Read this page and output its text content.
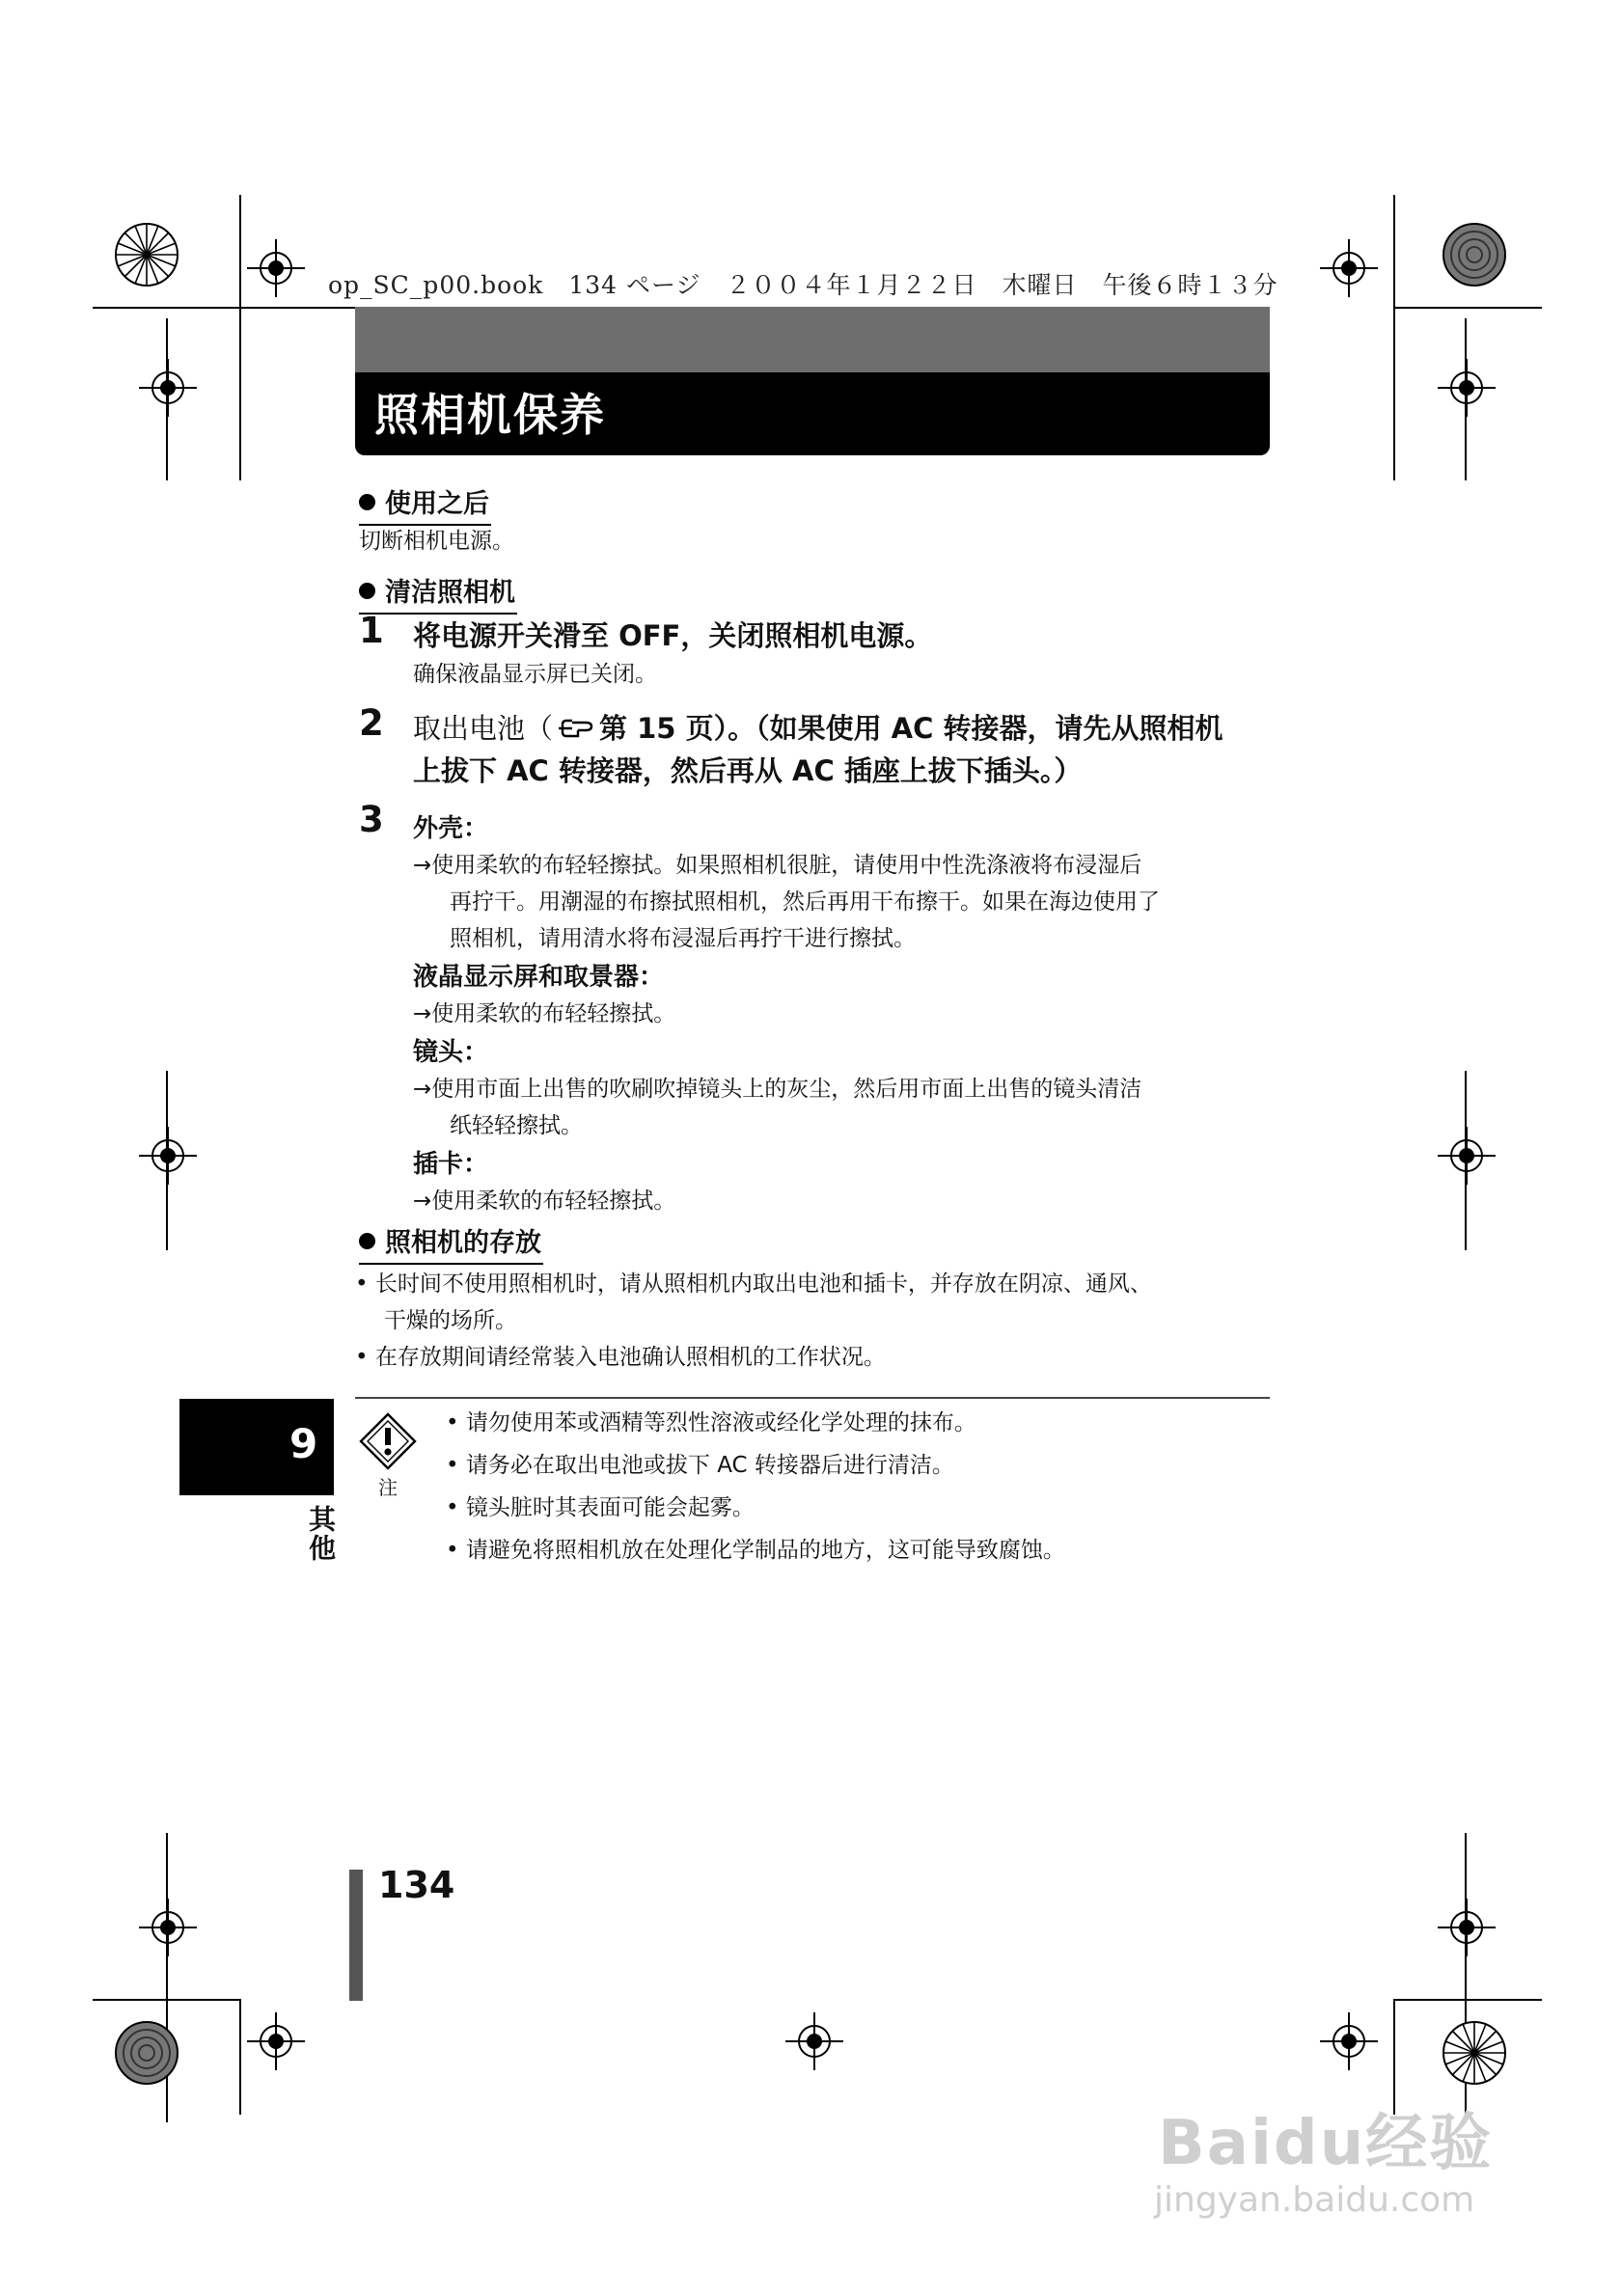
op_SC_p00.book　134 ページ　２００４年１月２２日　木曜日　午後６時１３分
照相机保养
使用之后
切断相机电源。
清洁照相机
1 将电源开关滑至 OFF，关闭照相机电源。
确保液晶显示屏已关闭。
2 取出电池（ 第 15 页）。（如果使用 AC 转接器，请先从照相机
上拔下 AC 转接器，然后再从 AC 插座上拔下插头。）
3 外壳：
→使用柔软的布轻轻擦拭。如果照相机很脏，请使用中性洗涤液将布浸湿后
再拧干。用潮湿的布擦拭照相机，然后再用干布擦干。如果在海边使用了
照相机，请用清水将布浸湿后再拧干进行擦拭。
液晶显示屏和取景器：
→使用柔软的布轻轻擦拭。
镜头：
→使用市面上出售的吹刷吹掉镜头上的灰尘，然后用市面上出售的镜头清洁
纸轻轻擦拭。
插卡：
→使用柔软的布轻轻擦拭。
照相机的存放
• 长时间不使用照相机时，请从照相机内取出电池和插卡，并存放在阴凉、通风、
干燥的场所。
• 在存放期间请经常装入电池确认照相机的工作状况。
9
其他
注
• 请勿使用苯或酒精等烈性溶液或经化学处理的抹布。
• 请务必在取出电池或拔下 AC 转接器后进行清洁。
• 镜头脏时其表面可能会起雾。
• 请避免将照相机放在处理化学制品的地方，这可能导致腐蚀。
134
Baidu经验
jingyan.baidu.com
